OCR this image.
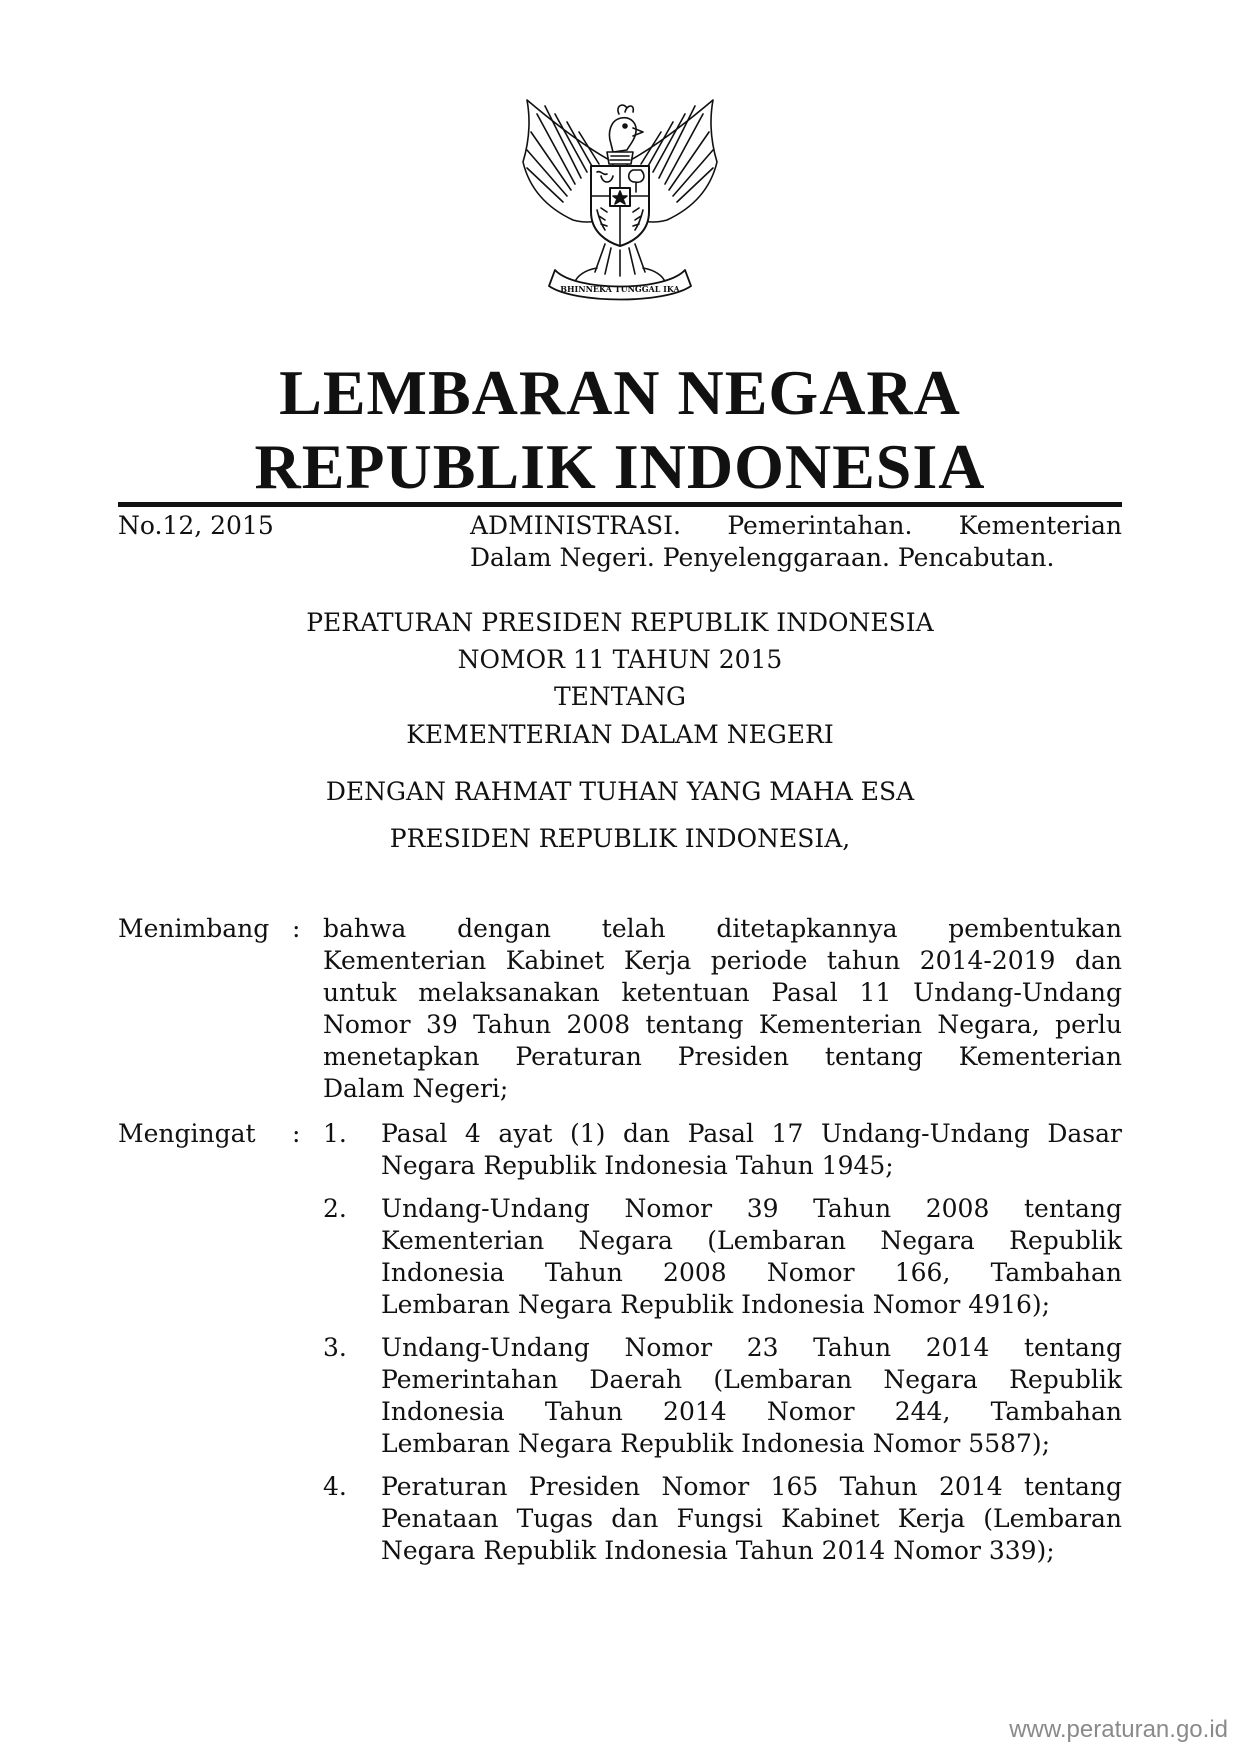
BHINNEKA TUNGGAL IKA
LEMBARAN NEGARA
REPUBLIK INDONESIA
No.12, 2015	ADMINISTRASI. Pemerintahan. Kementerian
Dalam Negeri. Penyelenggaraan. Pencabutan.
PERATURAN PRESIDEN REPUBLIK INDONESIA
NOMOR 11 TAHUN 2015
TENTANG
KEMENTERIAN DALAM NEGERI
DENGAN RAHMAT TUHAN YANG MAHA ESA
PRESIDEN REPUBLIK INDONESIA,
Menimbang : bahwa dengan telah ditetapkannya pembentukan
Kementerian Kabinet Kerja periode tahun 2014-2019 dan
untuk melaksanakan ketentuan Pasal 11 Undang-Undang
Nomor 39 Tahun 2008 tentang Kementerian Negara, perlu
menetapkan Peraturan Presiden tentang Kementerian
Dalam Negeri;
Mengingat : 1. Pasal 4 ayat (1) dan Pasal 17 Undang-Undang Dasar
Negara Republik Indonesia Tahun 1945;
2. Undang-Undang Nomor 39 Tahun 2008 tentang
Kementerian Negara (Lembaran Negara Republik
Indonesia Tahun 2008 Nomor 166, Tambahan
Lembaran Negara Republik Indonesia Nomor 4916);
3. Undang-Undang Nomor 23 Tahun 2014 tentang
Pemerintahan Daerah (Lembaran Negara Republik
Indonesia Tahun 2014 Nomor 244, Tambahan
Lembaran Negara Republik Indonesia Nomor 5587);
4. Peraturan Presiden Nomor 165 Tahun 2014 tentang
Penataan Tugas dan Fungsi Kabinet Kerja (Lembaran
Negara Republik Indonesia Tahun 2014 Nomor 339);
www.peraturan.go.id
